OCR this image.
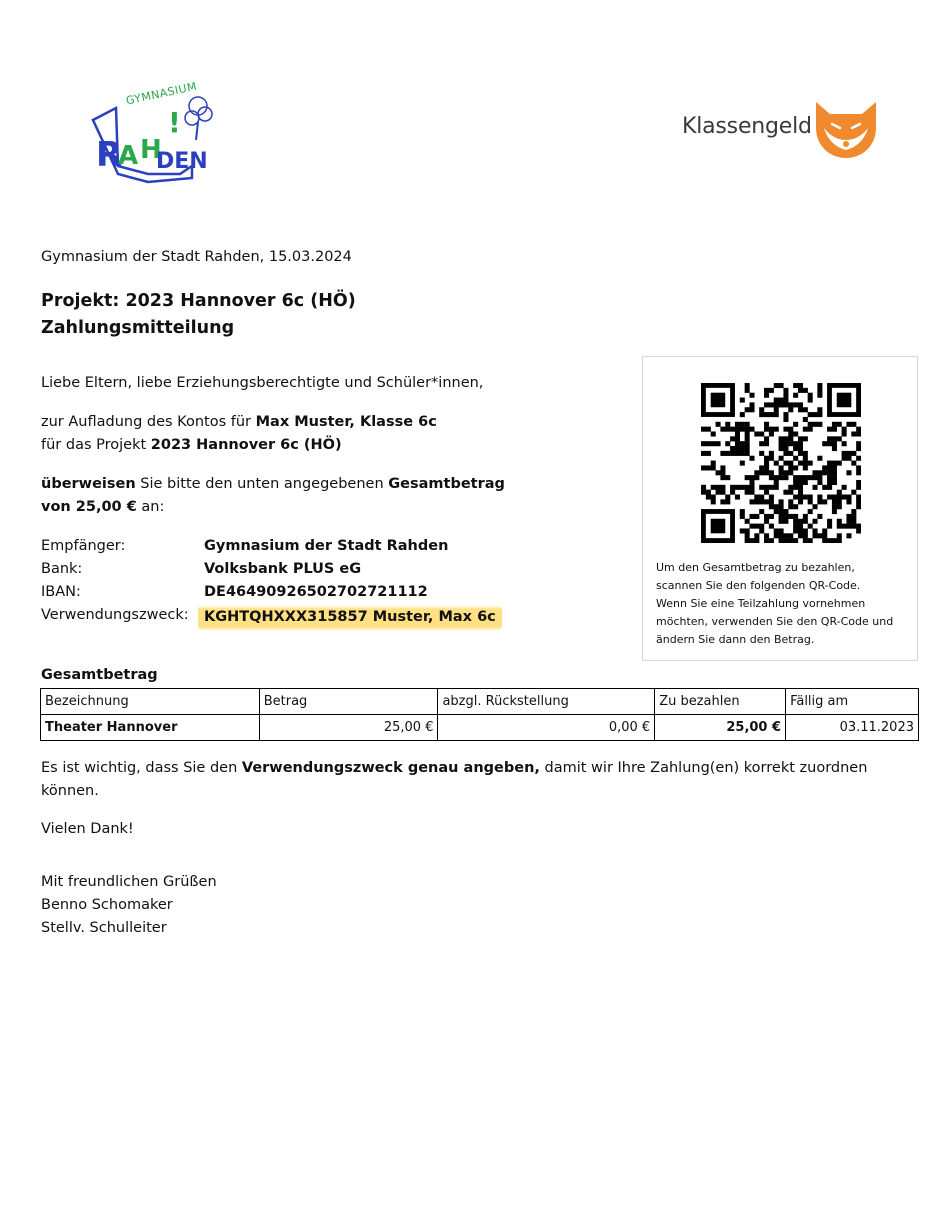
GYMNASIUM
R
A H
!
DEN
Klassengeld

Gymnasium der Stadt Rahden, 15.03.2024

Projekt: 2023 Hannover 6c (HÖ)
Zahlungsmitteilung

Liebe Eltern, liebe Erziehungsberechtigte und Schüler*innen,

zur Aufladung des Kontos für Max Muster, Klasse 6c

für das Projekt 2023 Hannover 6c (HÖ)

überweisen Sie bitte den unten angegebenen Gesamtbetrag
von 25,00 € an:

Empfänger:	Gymnasium der Stadt Rahden
Bank:	Volksbank PLUS eG
IBAN:	DE46490926502702721112
Verwendungszweck:	KGHTQHXXX315857 Muster, Max 6c
Um den Gesamtbetrag zu bezahlen,
scannen Sie den folgenden QR-Code.
Wenn Sie eine Teilzahlung vornehmen
möchten, verwenden Sie den QR-Code und
ändern Sie dann den Betrag.
Gesamtbetrag
Bezeichnung	Betrag	abzgl. Rückstellung	Zu bezahlen	Fällig am
Theater Hannover	25,00 €	0,00 €	25,00 €	03.11.2023

Es ist wichtig, dass Sie den Verwendungszweck genau angeben, damit wir Ihre Zahlung(en) korrekt zuordnen können.

Vielen Dank!

Mit freundlichen Grüßen

Benno Schomaker

Stellv. Schulleiter
